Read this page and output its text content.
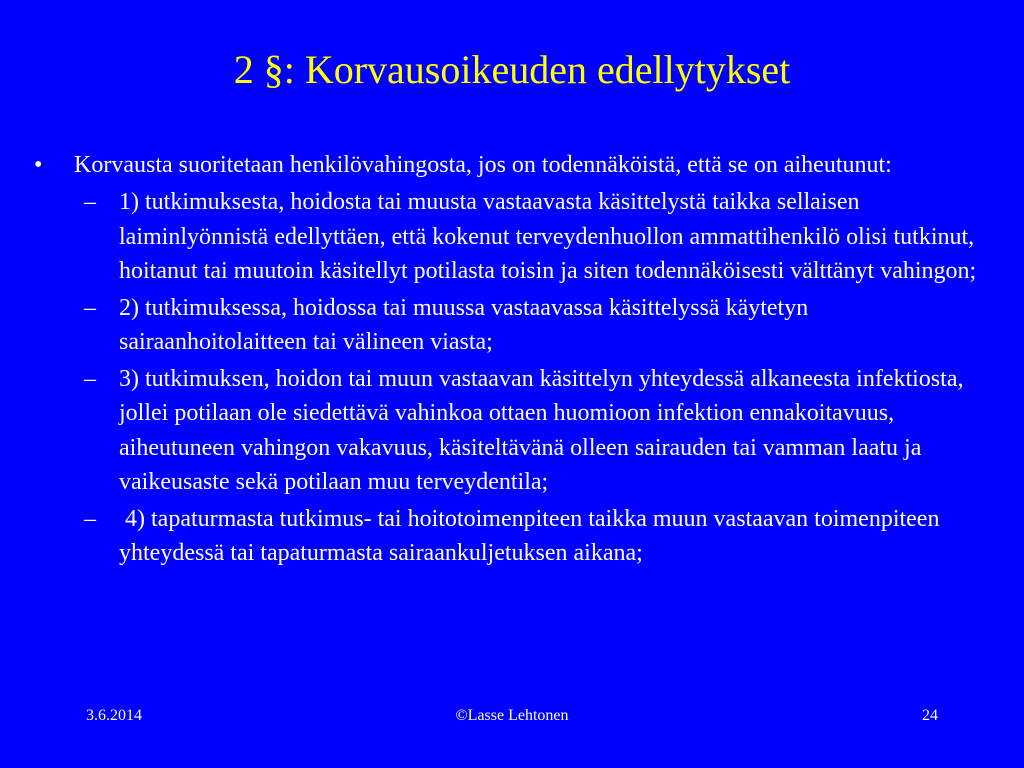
2 §: Korvausoikeuden edellytykset
•	Korvausta suoritetaan henkilövahingosta, jos on todennäköistä, että se on aiheutunut:
– 1) tutkimuksesta, hoidosta tai muusta vastaavasta käsittelystä taikka sellaisen laiminlyönnistä edellyttäen, että kokenut terveydenhuollon ammattihenkilö olisi tutkinut, hoitanut tai muutoin käsitellyt potilasta toisin ja siten todennäköisesti välttänyt vahingon;
– 2) tutkimuksessa, hoidossa tai muussa vastaavassa käsittelyssä käytetyn sairaanhoitolaitteen tai välineen viasta;
– 3) tutkimuksen, hoidon tai muun vastaavan käsittelyn yhteydessä alkaneesta infektiosta, jollei potilaan ole siedettävä vahinkoa ottaen huomioon infektion ennakoitavuus, aiheutuneen vahingon vakavuus, käsiteltävänä olleen sairauden tai vamman laatu ja vaikeusaste sekä potilaan muu terveydentila;
– 4) tapaturmasta tutkimus- tai hoitotoimenpiteen taikka muun vastaavan toimenpiteen yhteydessä tai tapaturmasta sairaankuljetuksen aikana;
3.6.2014	©Lasse Lehtonen	24
